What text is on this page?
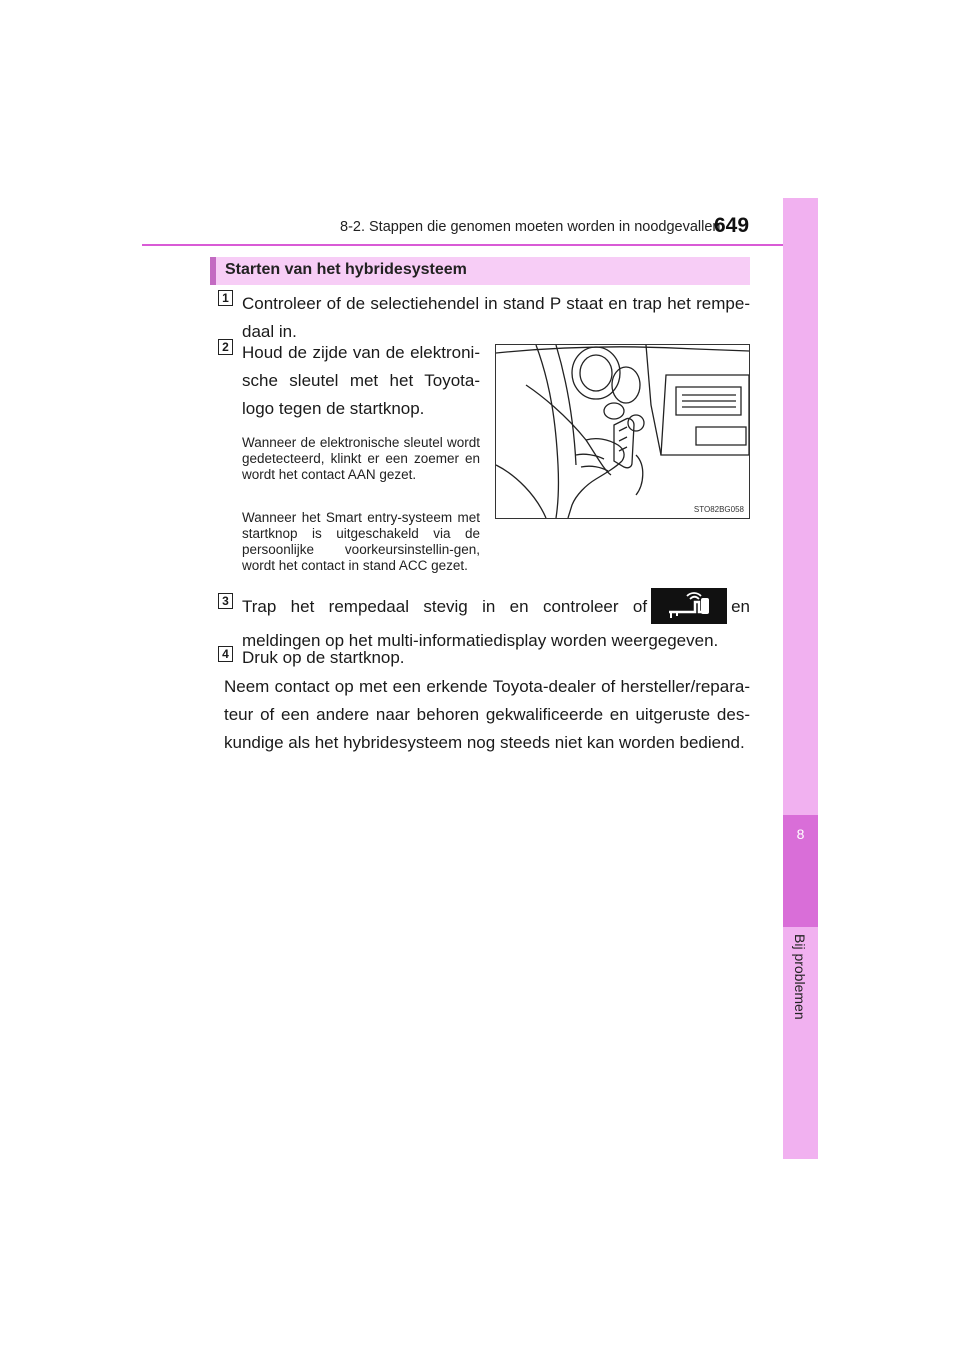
8-2. Stappen die genomen moeten worden in noodgevallen
649
8
Bij problemen
Starten van het hybridesysteem
1 Controleer of de selectiehendel in stand P staat en trap het rempe-daal in.
2 Houd de zijde van de elektroni-sche sleutel met het Toyota-logo tegen de startknop.
Wanneer de elektronische sleutel wordt gedetecteerd, klinkt er een zoemer en wordt het contact AAN gezet.
Wanneer het Smart entry-systeem met startknop is uitgeschakeld via de persoonlijke voorkeursinstellin-gen, wordt het contact in stand ACC gezet.
STO82BG058
3 Trap het rempedaal stevig in en controleer of	en meldingen op het multi-informatiedisplay worden weergegeven.
4 Druk op de startknop.
Neem contact op met een erkende Toyota-dealer of hersteller/repara-teur of een andere naar behoren gekwalificeerde en uitgeruste des-kundige als het hybridesysteem nog steeds niet kan worden bediend.
